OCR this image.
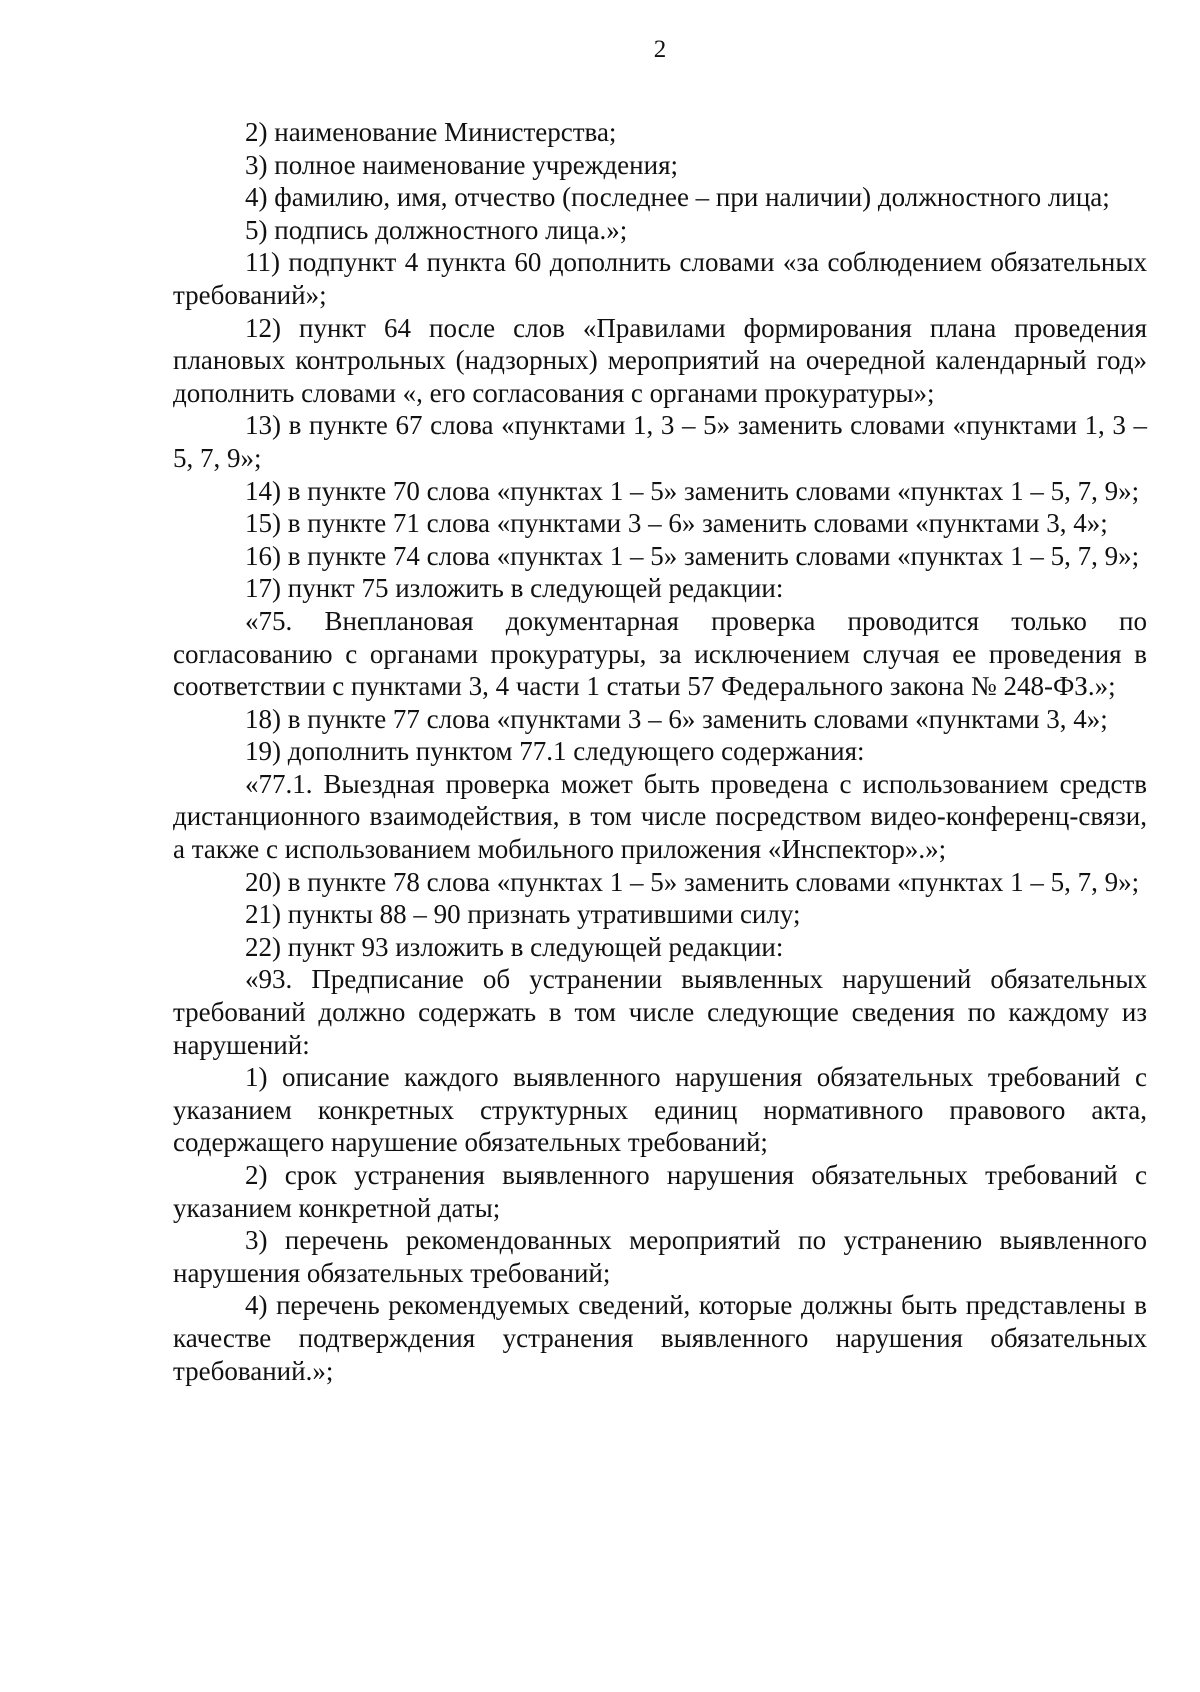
2

2) наименование Министерства;

3) полное наименование учреждения;

4) фамилию, имя, отчество (последнее – при наличии) должностного лица;

5) подпись должностного лица.»;

11) подпункт 4 пункта 60 дополнить словами «за соблюдением обязательных требований»;

12) пункт 64 после слов «Правилами формирования плана проведения плановых контрольных (надзорных) мероприятий на очередной календарный год» дополнить словами «, его согласования с органами прокуратуры»;

13) в пункте 67 слова «пунктами 1, 3 – 5» заменить словами «пунктами 1, 3 – 5, 7, 9»;

14) в пункте 70 слова «пунктах 1 – 5» заменить словами «пунктах 1 – 5, 7, 9»;

15) в пункте 71 слова «пунктами 3 – 6» заменить словами «пунктами 3, 4»;

16) в пункте 74 слова «пунктах 1 – 5» заменить словами «пунктах 1 – 5, 7, 9»;

17) пункт 75 изложить в следующей редакции:

«75. Внеплановая документарная проверка проводится только по согласованию с органами прокуратуры, за исключением случая ее проведения в соответствии с пунктами 3, 4 части 1 статьи 57 Федерального закона № 248-ФЗ.»;

18) в пункте 77 слова «пунктами 3 – 6» заменить словами «пунктами 3, 4»;

19) дополнить пунктом 77.1 следующего содержания:

«77.1. Выездная проверка может быть проведена с использованием средств дистанционного взаимодействия, в том числе посредством видео-конференц-связи, а также с использованием мобильного приложения «Инспектор».»;

20) в пункте 78 слова «пунктах 1 – 5» заменить словами «пунктах 1 – 5, 7, 9»;

21) пункты 88 – 90 признать утратившими силу;

22) пункт 93 изложить в следующей редакции:

«93. Предписание об устранении выявленных нарушений обязательных требований должно содержать в том числе следующие сведения по каждому из нарушений:

1) описание каждого выявленного нарушения обязательных требований с указанием конкретных структурных единиц нормативного правового акта, содержащего нарушение обязательных требований;

2) срок устранения выявленного нарушения обязательных требований с указанием конкретной даты;

3) перечень рекомендованных мероприятий по устранению выявленного нарушения обязательных требований;

4) перечень рекомендуемых сведений, которые должны быть представлены в качестве подтверждения устранения выявленного нарушения обязательных требований.»;
